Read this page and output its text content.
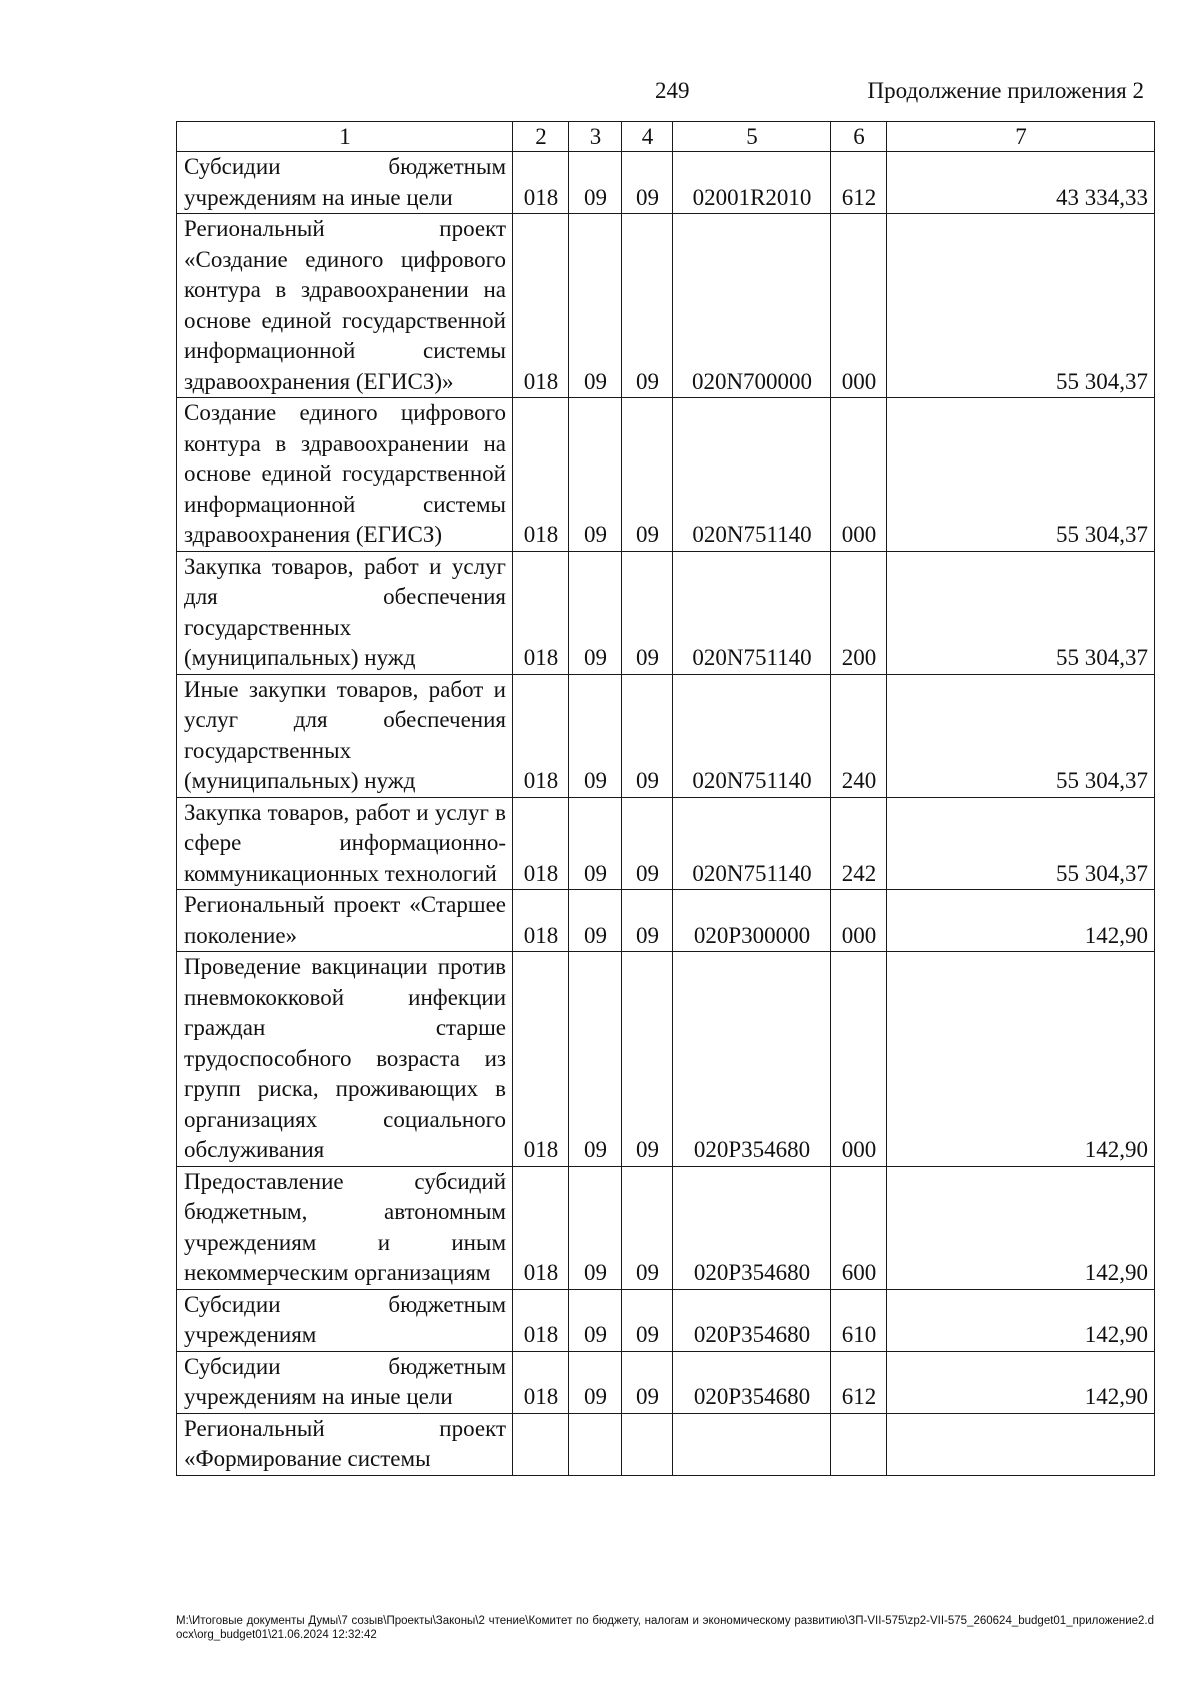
249	Продолжение приложения 2
1	2	3	4	5	6	7
Субсидии бюджетным учреждениям на иные цели	018	09	09	02001R2010	612	43 334,33
Региональный проект «Создание единого цифрового контура в здравоохранении на основе единой государственной информационной системы здравоохранения (ЕГИСЗ)»	018	09	09	020N700000	000	55 304,37
Создание единого цифрового контура в здравоохранении на основе единой государственной информационной системы здравоохранения (ЕГИСЗ)	018	09	09	020N751140	000	55 304,37
Закупка товаров, работ и услуг для обеспечения государственных (муниципальных) нужд	018	09	09	020N751140	200	55 304,37
Иные закупки товаров, работ и услуг для обеспечения государственных (муниципальных) нужд	018	09	09	020N751140	240	55 304,37
Закупка товаров, работ и услуг в сфере информационно-коммуникационных технологий	018	09	09	020N751140	242	55 304,37
Региональный проект «Старшее поколение»	018	09	09	020P300000	000	142,90
Проведение вакцинации против пневмококковой инфекции граждан старше трудоспособного возраста из групп риска, проживающих в организациях социального обслуживания	018	09	09	020P354680	000	142,90
Предоставление субсидий бюджетным, автономным учреждениям и иным некоммерческим организациям	018	09	09	020P354680	600	142,90
Субсидии бюджетным учреждениям	018	09	09	020P354680	610	142,90
Субсидии бюджетным учреждениям на иные цели	018	09	09	020P354680	612	142,90
Региональный проект «Формирование системы						
M:\Итоговые документы Думы\7 созыв\Проекты\Законы\2 чтение\Комитет по бюджету, налогам и экономическому развитию\ЗП-VII-575\zp2-VII-575_260624_budget01_приложение2.docx\org_budget01\21.06.2024 12:32:42
